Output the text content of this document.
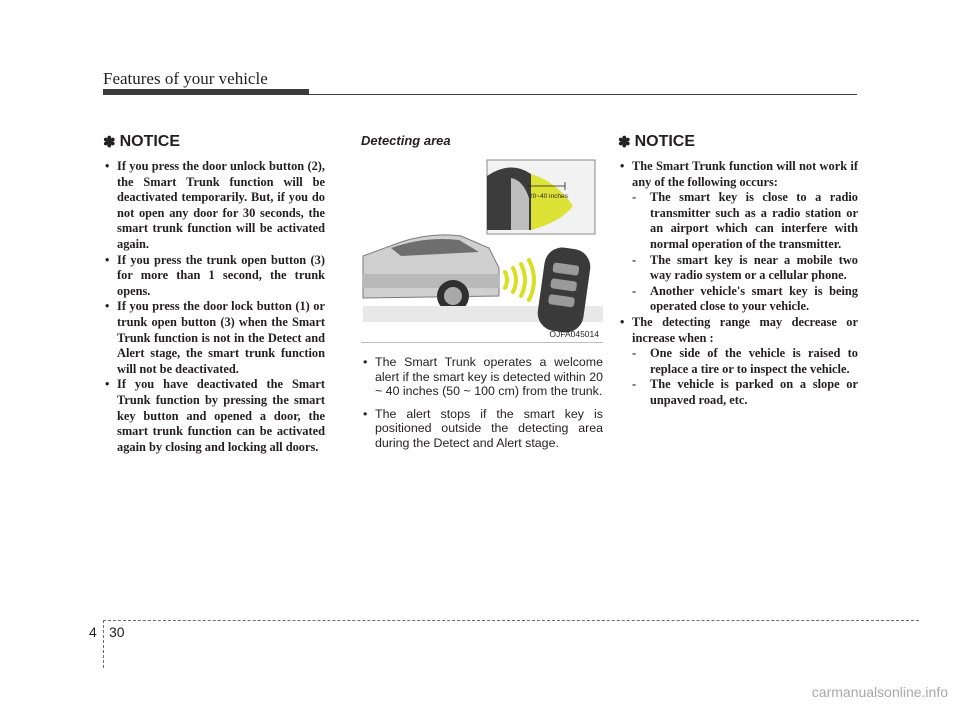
Features of your vehicle
✽ NOTICE
• If you press the door unlock button (2), the Smart Trunk function will be deactivated temporarily. But, if you do not open any door for 30 seconds, the smart trunk function will be activated again.
• If you press the trunk open button (3) for more than 1 second, the trunk opens.
• If you press the door lock button (1) or trunk open button (3) when the Smart Trunk function is not in the Detect and Alert stage, the smart trunk function will not be deactivated.
• If you have deactivated the Smart Trunk function by pressing the smart key button and opened a door, the smart trunk function can be activated again by closing and locking all doors.
Detecting area
20~40 inches
OJFA045014
• The Smart Trunk operates a welcome alert if the smart key is detected within 20 ~ 40 inches (50 ~ 100 cm) from the trunk.
• The alert stops if the smart key is positioned outside the detecting area during the Detect and Alert stage.
✽ NOTICE
• The Smart Trunk function will not work if any of the following occurs:
- The smart key is close to a radio transmitter such as a radio station or an airport which can interfere with normal operation of the transmitter.
- The smart key is near a mobile two way radio system or a cellular phone.
- Another vehicle's smart key is being operated close to your vehicle.
• The detecting range may decrease or increase when :
- One side of the vehicle is raised to replace a tire or to inspect the vehicle.
- The vehicle is parked on a slope or unpaved road, etc.
4 30
carmanualsonline.info
